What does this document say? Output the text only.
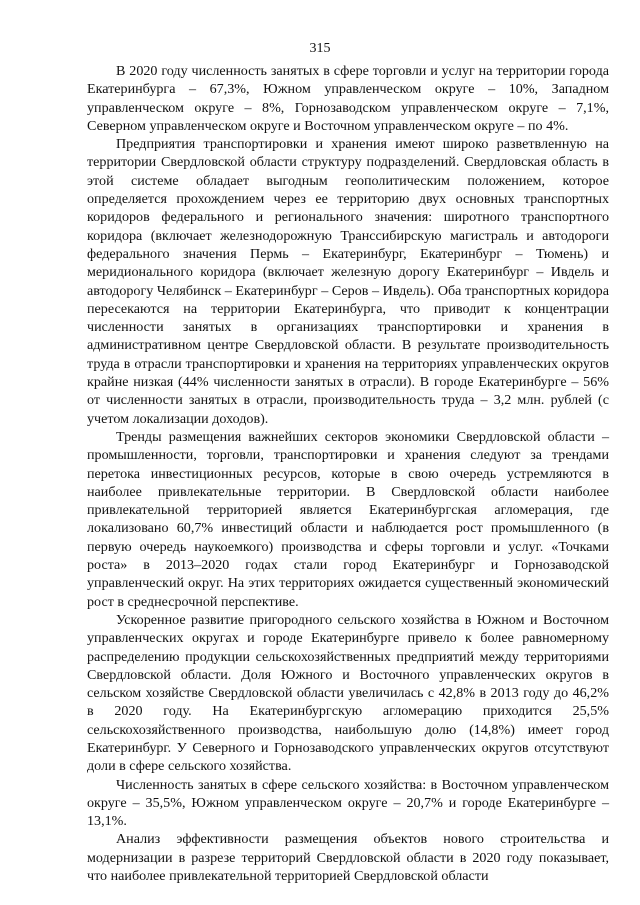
315

В 2020 году численность занятых в сфере торговли и услуг на территории города Екатеринбурга – 67,3%, Южном управленческом округе – 10%, Западном управленческом округе – 8%, Горнозаводском управленческом округе – 7,1%, Северном управленческом округе и Восточном управленческом округе – по 4%.

Предприятия транспортировки и хранения имеют широко разветвленную на территории Свердловской области структуру подразделений. Свердловская область в этой системе обладает выгодным геополитическим положением, которое определяется прохождением через ее территорию двух основных транспортных коридоров федерального и регионального значения: широтного транспортного коридора (включает железнодорожную Транссибирскую магистраль и автодороги федерального значения Пермь – Екатеринбург, Екатеринбург – Тюмень) и меридионального коридора (включает железную дорогу Екатеринбург – Ивдель и автодорогу Челябинск – Екатеринбург – Серов – Ивдель). Оба транспортных коридора пересекаются на территории Екатеринбурга, что приводит к концентрации численности занятых в организациях транспортировки и хранения в административном центре Свердловской области. В результате производительность труда в отрасли транспортировки и хранения на территориях управленческих округов крайне низкая (44% численности занятых в отрасли). В городе Екатеринбурге – 56% от численности занятых в отрасли, производительность труда – 3,2 млн. рублей (с учетом локализации доходов).

Тренды размещения важнейших секторов экономики Свердловской области – промышленности, торговли, транспортировки и хранения следуют за трендами перетока инвестиционных ресурсов, которые в свою очередь устремляются в наиболее привлекательные территории. В Свердловской области наиболее привлекательной территорией является Екатеринбургская агломерация, где локализовано 60,7% инвестиций области и наблюдается рост промышленного (в первую очередь наукоемкого) производства и сферы торговли и услуг. «Точками роста» в 2013–2020 годах стали город Екатеринбург и Горнозаводской управленческий округ. На этих территориях ожидается существенный экономический рост в среднесрочной перспективе.

Ускоренное развитие пригородного сельского хозяйства в Южном и Восточном управленческих округах и городе Екатеринбурге привело к более равномерному распределению продукции сельскохозяйственных предприятий между территориями Свердловской области. Доля Южного и Восточного управленческих округов в сельском хозяйстве Свердловской области увеличилась с 42,8% в 2013 году до 46,2% в 2020 году. На Екатеринбургскую агломерацию приходится 25,5% сельскохозяйственного производства, наибольшую долю (14,8%) имеет город Екатеринбург. У Северного и Горнозаводского управленческих округов отсутствуют доли в сфере сельского хозяйства.

Численность занятых в сфере сельского хозяйства: в Восточном управленческом округе – 35,5%, Южном управленческом округе – 20,7% и городе Екатеринбурге – 13,1%.

Анализ эффективности размещения объектов нового строительства и модернизации в разрезе территорий Свердловской области в 2020 году показывает, что наиболее привлекательной территорией Свердловской области
